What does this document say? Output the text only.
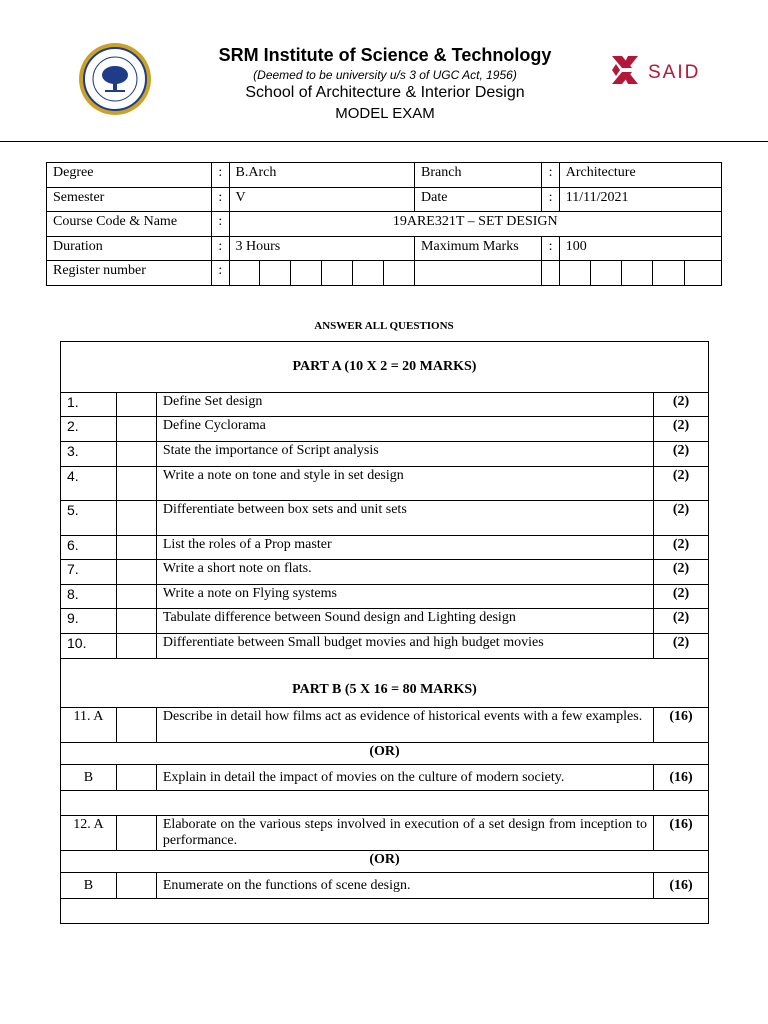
SRM Institute of Science & Technology
(Deemed to be university u/s 3 of UGC Act, 1956)
School of Architecture & Interior Design
MODEL EXAM
SAID
Degree	:	B.Arch						Branch	:	Architecture				
Semester	:	V						Date	:	11/11/2021				
Course Code & Name	:	19ARE321T – SET DESIGN												
Duration	:	3 Hours						Maximum Marks	:	100				
Register number	:													
ANSWER ALL QUESTIONS
PART A (10 X 2 = 20 MARKS)			
1.		Define Set design	(2)
2.		Define Cyclorama	(2)
3.		State the importance of Script analysis	(2)
4.		Write a note on tone and style in set design	(2)
5.		Differentiate between box sets and unit sets	(2)
6.		List the roles of a Prop master	(2)
7.		Write a short note on flats.	(2)
8.		Write a note on Flying systems	(2)
9.		Tabulate difference between Sound design and Lighting design	(2)
10.		Differentiate between Small budget movies and high budget movies	(2)
PART B (5 X 16 = 80 MARKS)			
11. A		Describe in detail how films act as evidence of historical events with a few examples.	(16)
(OR)			
B		Explain in detail the impact of movies on the culture of modern society.	(16)

12. A		Elaborate on the various steps involved in execution of a set design from inception to performance.	(16)
(OR)			
B		Enumerate on the functions of scene design.	(16)
